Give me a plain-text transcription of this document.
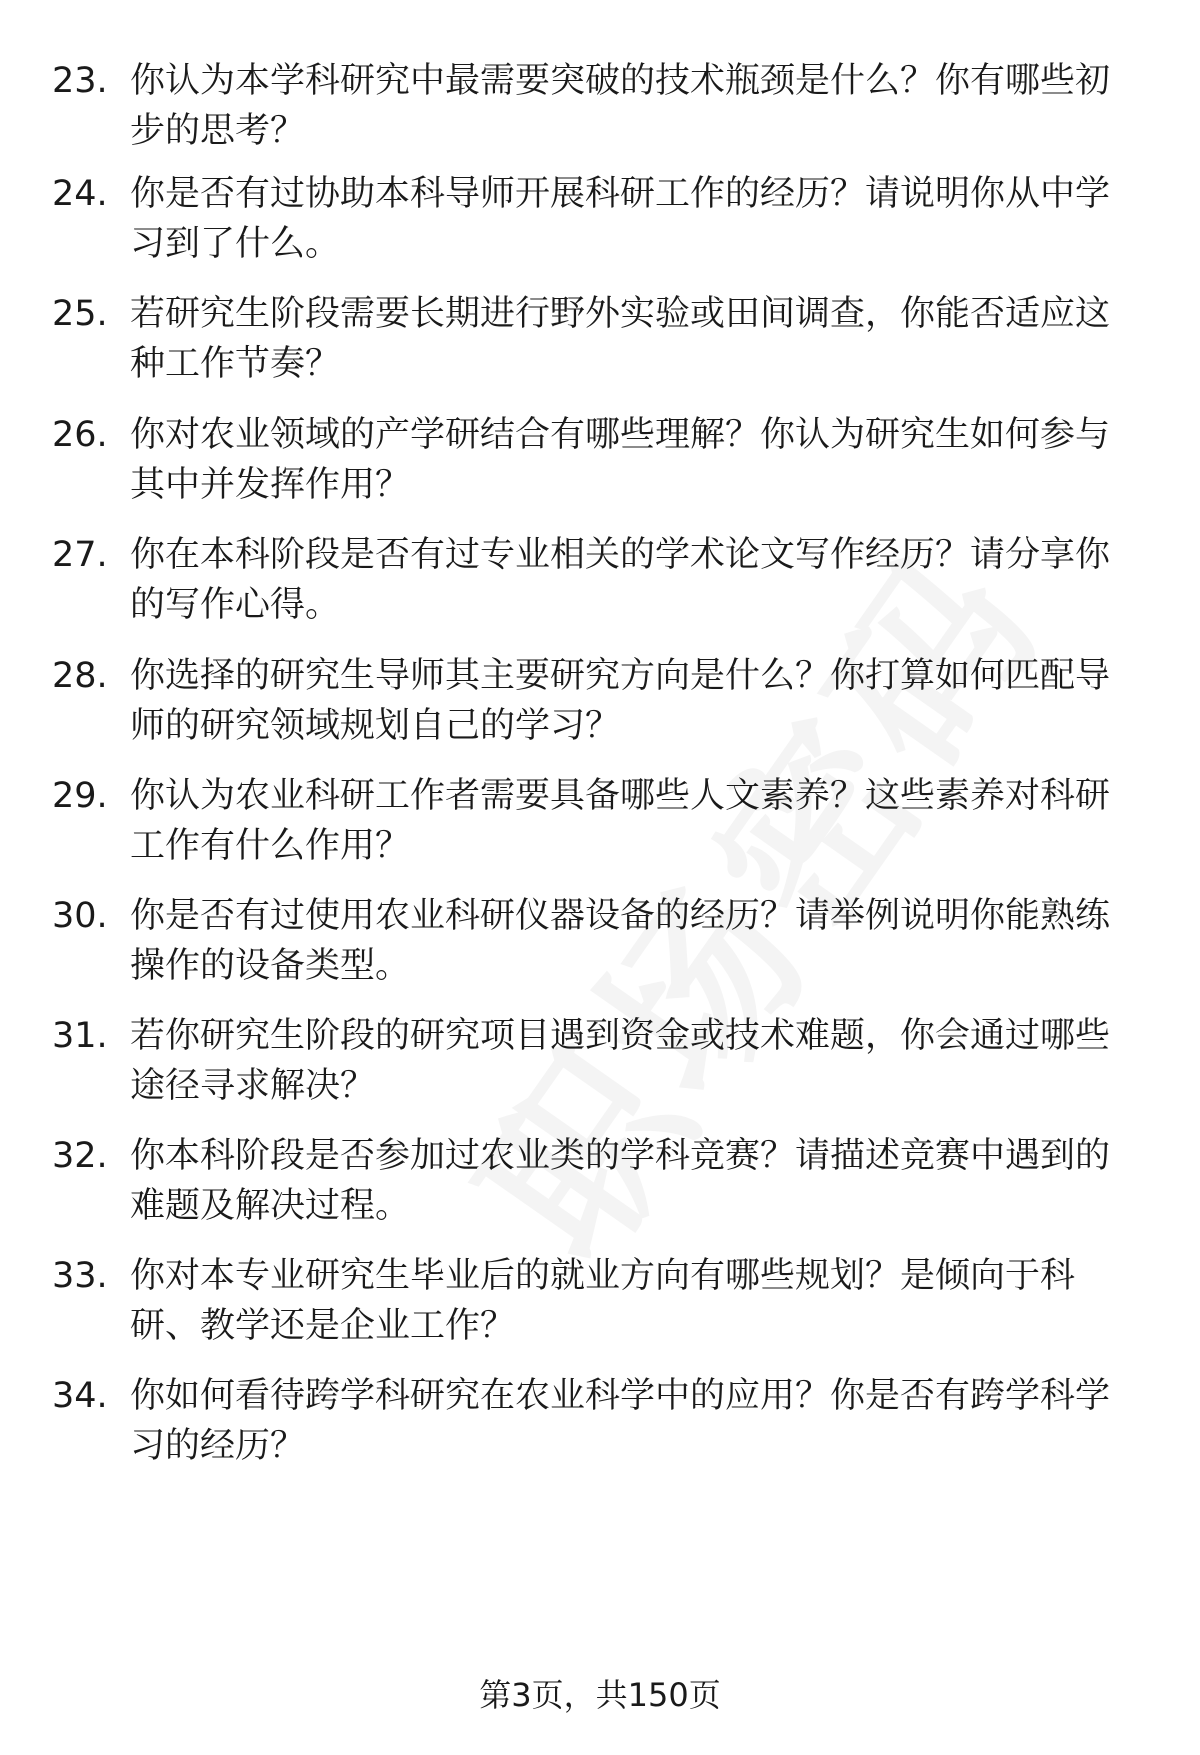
23. 你认为本学科研究中最需要突破的技术瓶颈是什么？你有哪些初步的思考？
24. 你是否有过协助本科导师开展科研工作的经历？请说明你从中学习到了什么。
25. 若研究生阶段需要长期进行野外实验或田间调查，你能否适应这种工作节奏？
26. 你对农业领域的产学研结合有哪些理解？你认为研究生如何参与其中并发挥作用？
27. 你在本科阶段是否有过专业相关的学术论文写作经历？请分享你的写作心得。
28. 你选择的研究生导师其主要研究方向是什么？你打算如何匹配导师的研究领域规划自己的学习？
29. 你认为农业科研工作者需要具备哪些人文素养？这些素养对科研工作有什么作用？
30. 你是否有过使用农业科研仪器设备的经历？请举例说明你能熟练操作的设备类型。
31. 若你研究生阶段的研究项目遇到资金或技术难题，你会通过哪些途径寻求解决？
32. 你本科阶段是否参加过农业类的学科竞赛？请描述竞赛中遇到的难题及解决过程。
33. 你对本专业研究生毕业后的就业方向有哪些规划？是倾向于科研、教学还是企业工作？
34. 你如何看待跨学科研究在农业科学中的应用？你是否有跨学科学习的经历？
第3页，共150页
